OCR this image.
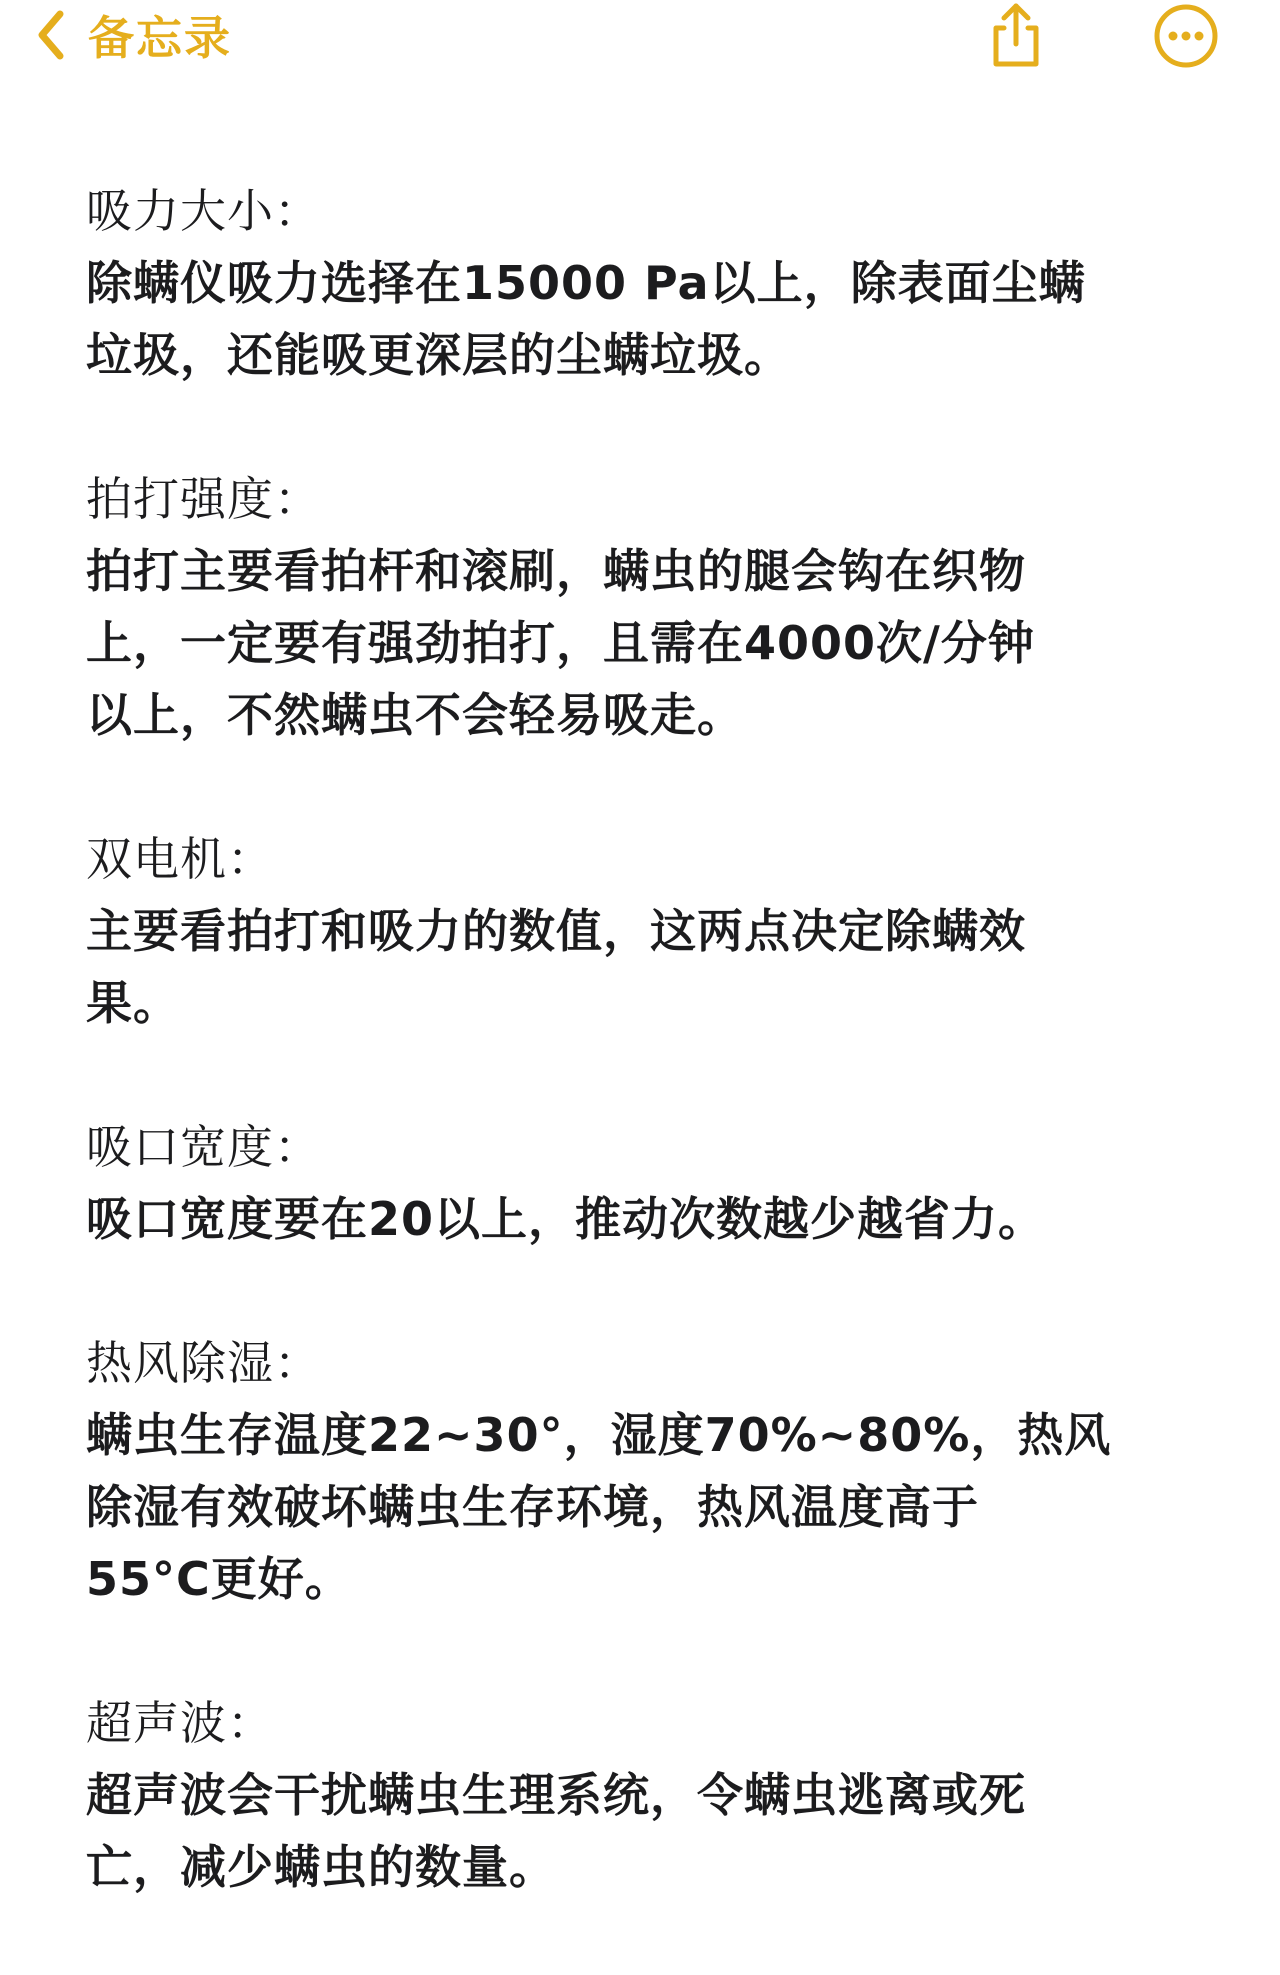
备忘录
吸力大小：
除螨仪吸力选择在15000 Pa以上，除表面尘螨
垃圾，还能吸更深层的尘螨垃圾。
拍打强度：
拍打主要看拍杆和滚刷，螨虫的腿会钩在织物
上，一定要有强劲拍打，且需在4000次/分钟
以上，不然螨虫不会轻易吸走。
双电机：
主要看拍打和吸力的数值，这两点决定除螨效
果。
吸口宽度：
吸口宽度要在20以上，推动次数越少越省力。
热风除湿：
螨虫生存温度22~30°，湿度70%~80%，热风
除湿有效破坏螨虫生存环境，热风温度高于
55°C更好。
超声波：
超声波会干扰螨虫生理系统，令螨虫逃离或死
亡，减少螨虫的数量。
